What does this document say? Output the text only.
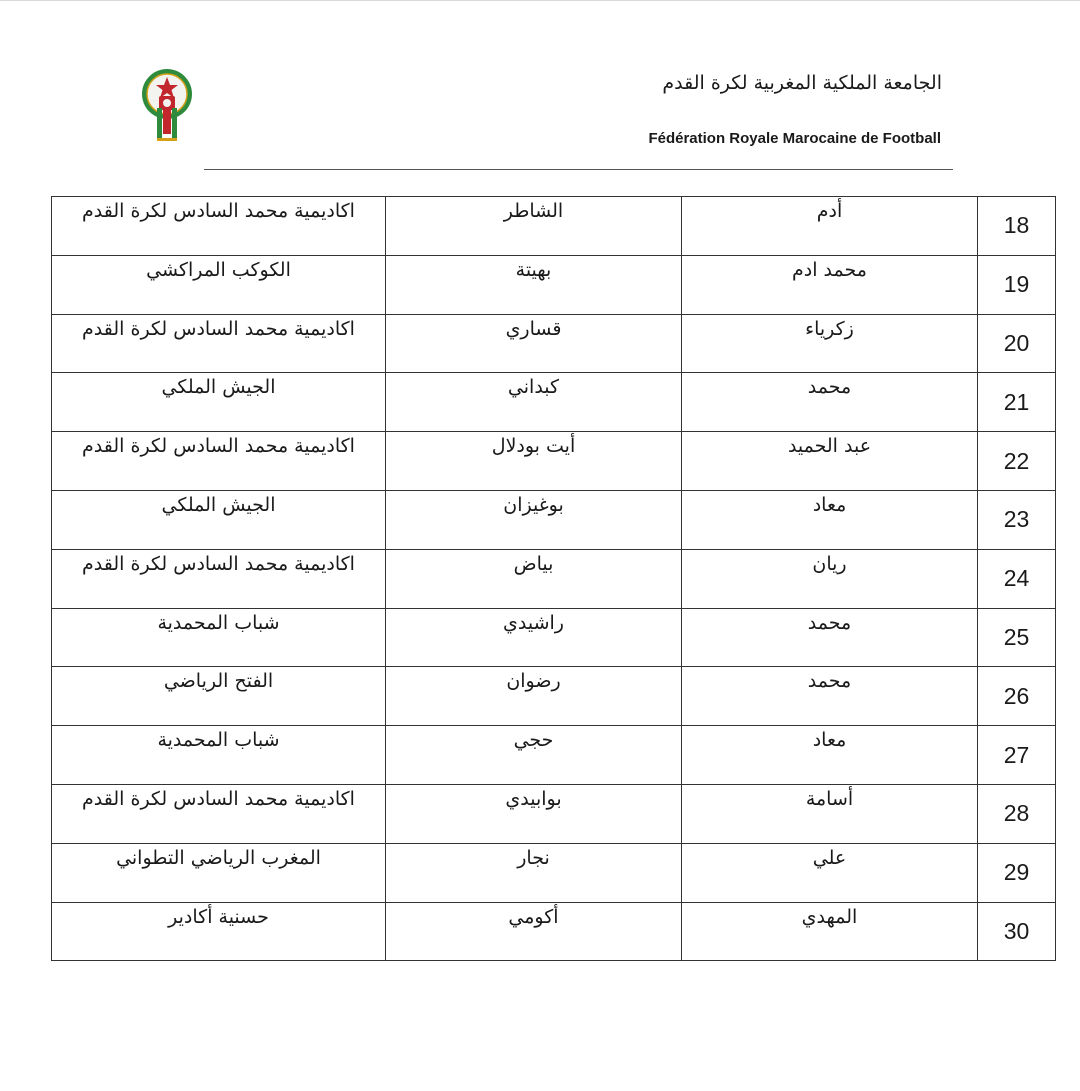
الجامعة الملكية المغربية لكرة القدم
Fédération Royale Marocaine de Football
اكاديمية محمد السادس لكرة القدم	الشاطر	أدم	18

الكوكب المراكشي	بهيتة	محمد ادم	19

اكاديمية محمد السادس لكرة القدم	قساري	زكرياء	20

الجيش الملكي	كبداني	محمد	21

اكاديمية محمد السادس لكرة القدم	أيت بودلال	عبد الحميد	22

الجيش الملكي	بوغيزان	معاد	23

اكاديمية محمد السادس لكرة القدم	بياض	ريان	24

شباب المحمدية	راشيدي	محمد	25

الفتح الرياضي	رضوان	محمد	26

شباب المحمدية	حجي	معاد	27

اكاديمية محمد السادس لكرة القدم	بوابيدي	أسامة	28

المغرب الرياضي التطواني	نجار	علي	29

حسنية أكادير	أكومي	المهدي	30
